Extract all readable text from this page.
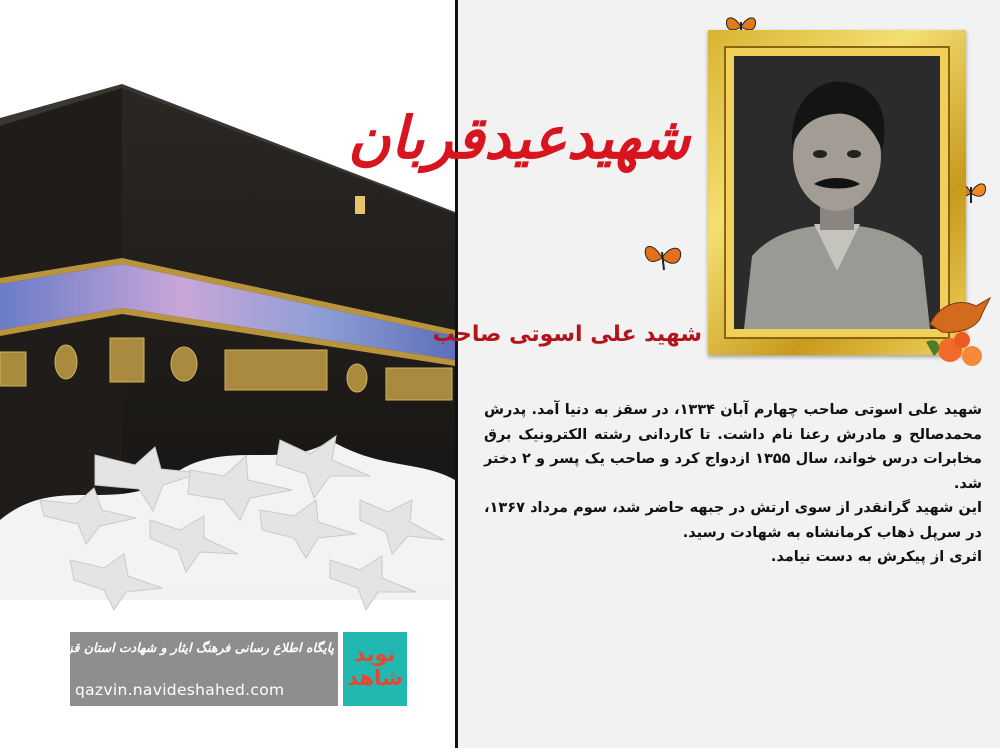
شهیدعیدقربان
شهید علی اسوتی صاحب

شهید علی اسوتی صاحب چهارم آبان ۱۳۳۴، در سقز به دنیا آمد. پدرش محمدصالح و مادرش رعنا نام داشت. تا کاردانی رشته الکترونیک برق مخابرات درس خواند، سال ۱۳۵۵ ازدواج کرد و صاحب یک پسر و ۲ دختر شد.

این شهید گرانقدر از سوی ارتش در جبهه حاضر شد، سوم مرداد ۱۳۶۷، در سرپل ذهاب کرمانشاه به شهادت رسید.

اثری از پیکرش به دست نیامد.

پایگاه اطلاع رسانی فرهنگ ایثار و شهادت استان قزوین
qazvin.navideshahed.com
نوید شاهد
